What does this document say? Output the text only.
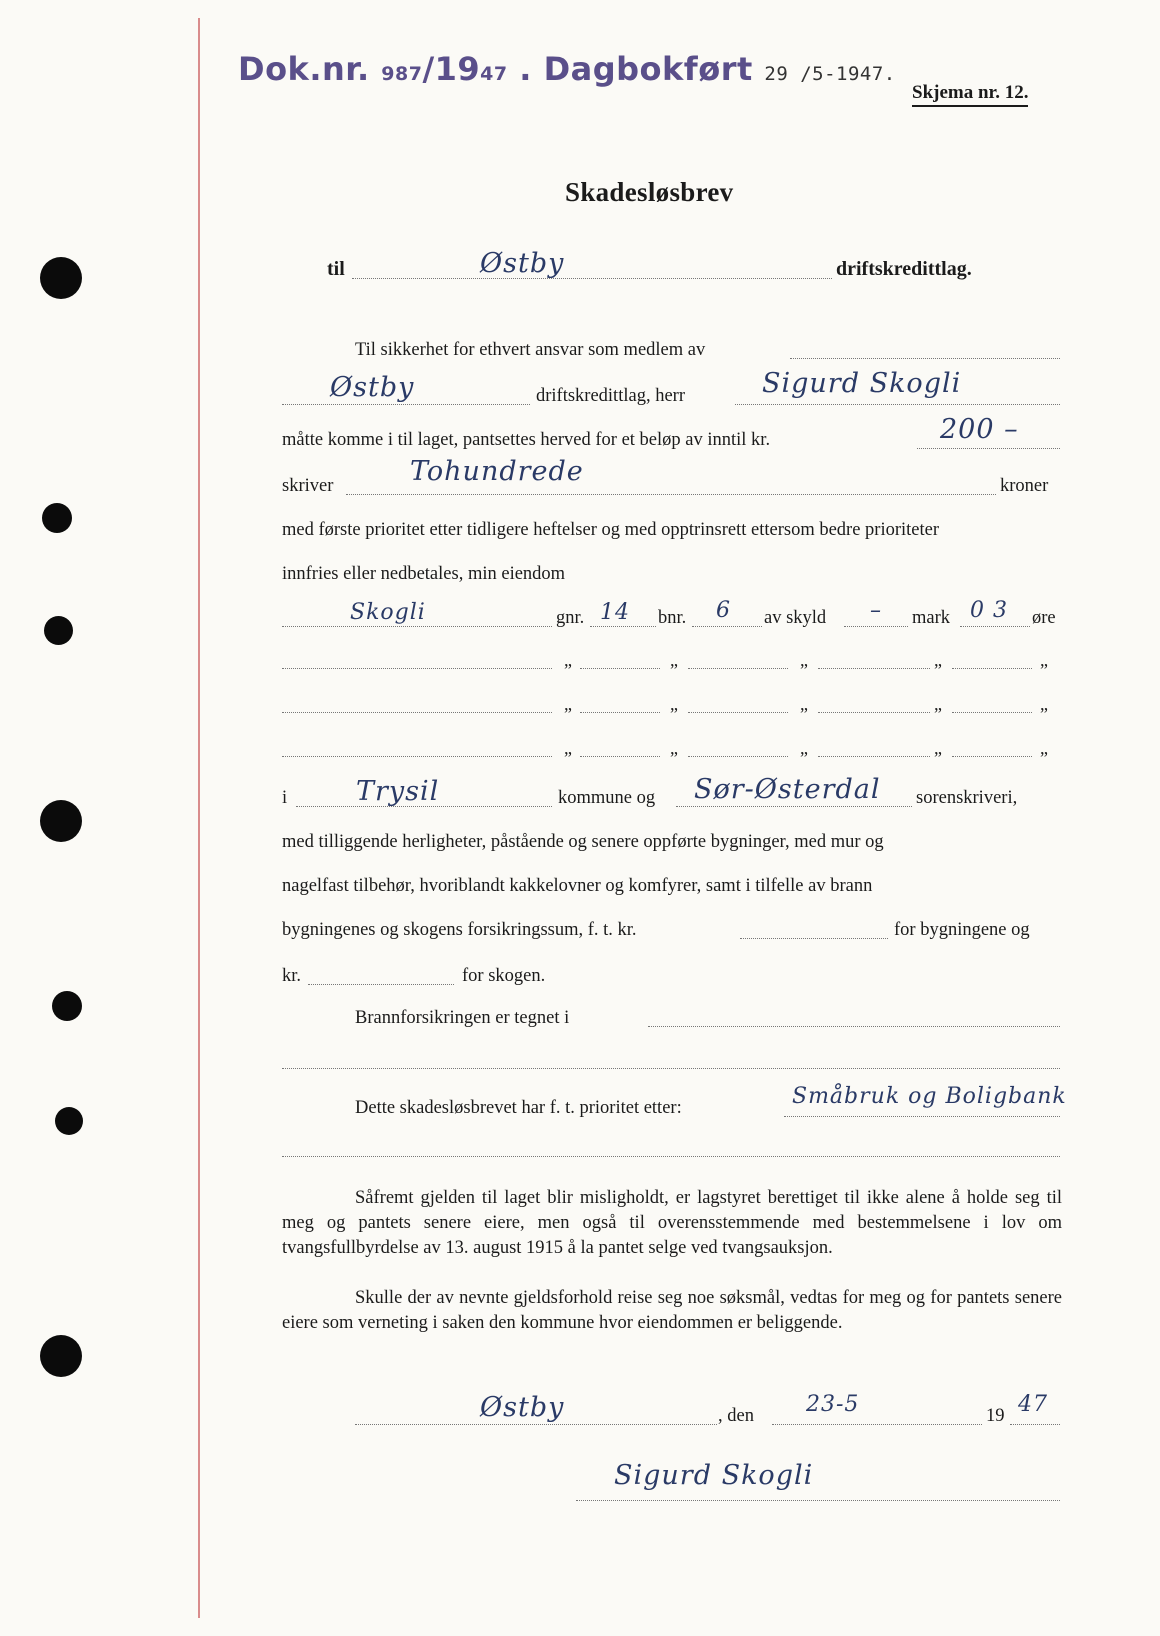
Dok.nr. 987/1947 . Dagbokført 29 /5-1947.
Skjema nr. 12.
Skadesløsbrev
til	Østby	driftskredittlag.
Til sikkerhet for ethvert ansvar som medlem av
Østby	driftskredittlag, herr	Sigurd Skogli
måtte komme i til laget, pantsettes herved for et beløp av inntil kr.	200 –
skriver	Tohundrede	kroner
med første prioritet etter tidligere heftelser og med opptrinsrett ettersom bedre prioriteter
innfries eller nedbetales, min eiendom
Skogli	gnr. 14 bnr. 6 av skyld – mark 0 3 øre
„	„	„	„	„
„	„	„	„	„
„	„	„	„	„
i	Trysil	kommune og Sør-Østerdal sorenskriveri,
med tilliggende herligheter, påstående og senere oppførte bygninger, med mur og
nagelfast tilbehør, hvoriblandt kakkelovner og komfyrer, samt i tilfelle av brann
bygningenes og skogens forsikringssum, f. t. kr.	for bygningene og
kr.	for skogen.
Brannforsikringen er tegnet i
Dette skadesløsbrevet har f. t. prioritet etter:	Småbruk og Boligbank
Såfremt gjelden til laget blir misligholdt, er lagstyret berettiget til ikke alene å holde seg til meg og pantets senere eiere, men også til overensstemmende med bestemmelsene i lov om tvangsfullbyrdelse av 13. august 1915 å la pantet selge ved tvangsauksjon.
Skulle der av nevnte gjeldsforhold reise seg noe søksmål, vedtas for meg og for pantets senere eiere som verneting i saken den kommune hvor eiendommen er beliggende.
Østby	, den 23-5	19 47
Sigurd Skogli
